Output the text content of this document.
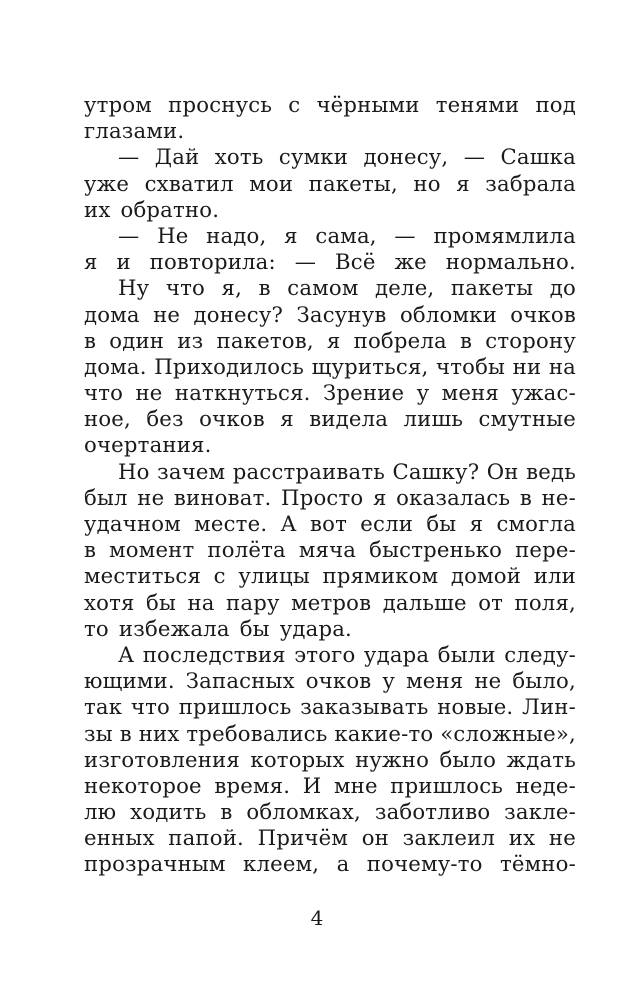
утром проснусь с чёрными тенями под
глазами.
— Дай хоть сумки донесу, — Сашка
уже схватил мои пакеты, но я забрала
их обратно.
— Не надо, я сама, — промямлила
я и повторила: — Всё же нормально.
Ну что я, в самом деле, пакеты до
дома не донесу? Засунув обломки очков
в один из пакетов, я побрела в сторону
дома. Приходилось щуриться, чтобы ни на
что не наткнуться. Зрение у меня ужас-
ное, без очков я видела лишь смутные
очертания.
Но зачем расстраивать Сашку? Он ведь
был не виноват. Просто я оказалась в не-
удачном месте. А вот если бы я смогла
в момент полёта мяча быстренько пере-
меститься с улицы прямиком домой или
хотя бы на пару метров дальше от поля,
то избежала бы удара.
А последствия этого удара были следу-
ющими. Запасных очков у меня не было,
так что пришлось заказывать новые. Лин-
зы в них требовались какие-то «сложные»,
изготовления которых нужно было ждать
некоторое время. И мне пришлось неде-
лю ходить в обломках, заботливо закле-
енных папой. Причём он заклеил их не
прозрачным клеем, а почему-то тёмно-
4
